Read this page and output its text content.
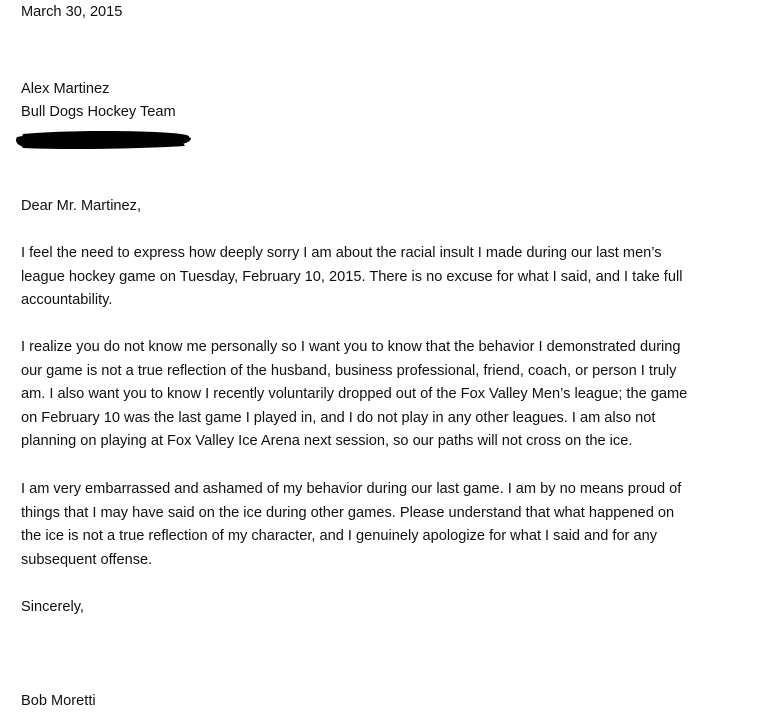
March 30, 2015
Alex Martinez
Bull Dogs Hockey Team
Dear Mr. Martinez,
I feel the need to express how deeply sorry I am about the racial insult I made during our last men’s
league hockey game on Tuesday, February 10, 2015. There is no excuse for what I said, and I take full
accountability.
I realize you do not know me personally so I want you to know that the behavior I demonstrated during
our game is not a true reflection of the husband, business professional, friend, coach, or person I truly
am. I also want you to know I recently voluntarily dropped out of the Fox Valley Men’s league; the game
on February 10 was the last game I played in, and I do not play in any other leagues. I am also not
planning on playing at Fox Valley Ice Arena next session, so our paths will not cross on the ice.
I am very embarrassed and ashamed of my behavior during our last game. I am by no means proud of
things that I may have said on the ice during other games. Please understand that what happened on
the ice is not a true reflection of my character, and I genuinely apologize for what I said and for any
subsequent offense.
Sincerely,
Bob Moretti
